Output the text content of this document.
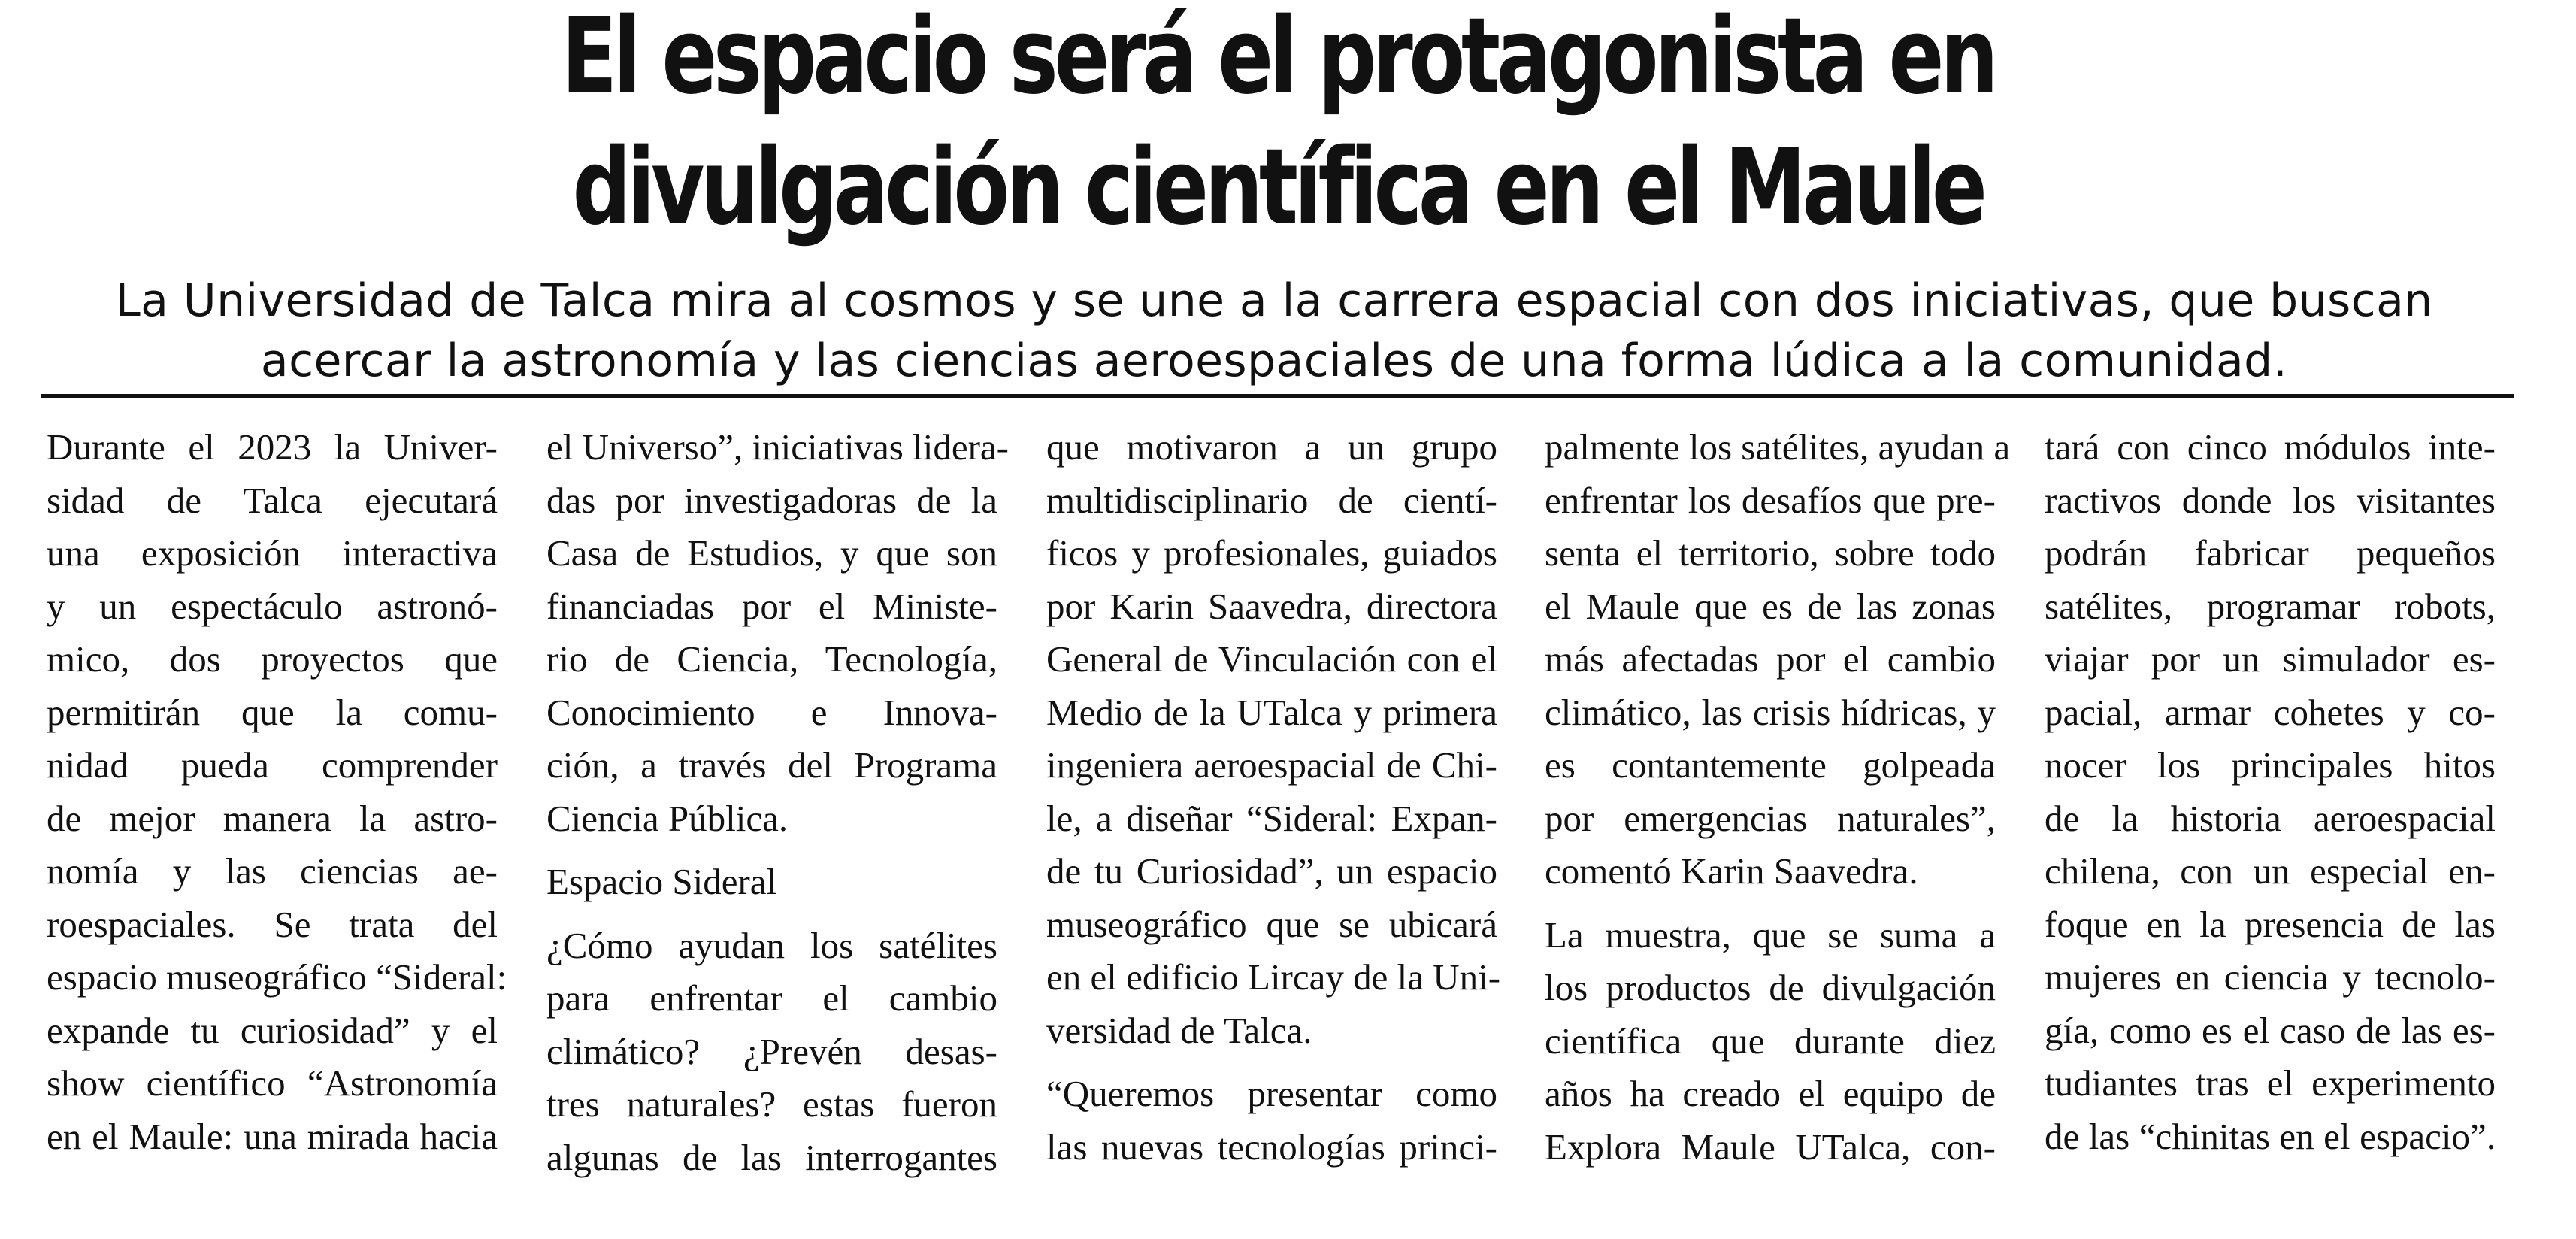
El espacio será el protagonista en
divulgación científica en el Maule
La Universidad de Talca mira al cosmos y se une a la carrera espacial con dos iniciativas, que buscan
acercar la astronomía y las ciencias aeroespaciales de una forma lúdica a la comunidad.
Durante el 2023 la Univer-
sidad de Talca ejecutará
una exposición interactiva
y un espectáculo astronó-
mico, dos proyectos que
permitirán que la comu-
nidad pueda comprender
de mejor manera la astro-
nomía y las ciencias ae-
roespaciales. Se trata del
espacio museográfico “Sideral:
expande tu curiosidad” y el
show científico “Astronomía
en el Maule: una mirada hacia
el Universo”, iniciativas lidera-
das por investigadoras de la
Casa de Estudios, y que son
financiadas por el Ministe-
rio de Ciencia, Tecnología,
Conocimiento e Innova-
ción, a través del Programa
Ciencia Pública.
Espacio Sideral
¿Cómo ayudan los satélites
para enfrentar el cambio
climático? ¿Prevén desas-
tres naturales? estas fueron
algunas de las interrogantes
que motivaron a un grupo
multidisciplinario de cientí-
ficos y profesionales, guiados
por Karin Saavedra, directora
General de Vinculación con el
Medio de la UTalca y primera
ingeniera aeroespacial de Chi-
le, a diseñar “Sideral: Expan-
de tu Curiosidad”, un espacio
museográfico que se ubicará
en el edificio Lircay de la Uni-
versidad de Talca.
“Queremos presentar como
las nuevas tecnologías princi-
palmente los satélites, ayudan a
enfrentar los desafíos que pre-
senta el territorio, sobre todo
el Maule que es de las zonas
más afectadas por el cambio
climático, las crisis hídricas, y
es contantemente golpeada
por emergencias naturales”,
comentó Karin Saavedra.
La muestra, que se suma a
los productos de divulgación
científica que durante diez
años ha creado el equipo de
Explora Maule UTalca, con-
tará con cinco módulos inte-
ractivos donde los visitantes
podrán fabricar pequeños
satélites, programar robots,
viajar por un simulador es-
pacial, armar cohetes y co-
nocer los principales hitos
de la historia aeroespacial
chilena, con un especial en-
foque en la presencia de las
mujeres en ciencia y tecnolo-
gía, como es el caso de las es-
tudiantes tras el experimento
de las “chinitas en el espacio”.
